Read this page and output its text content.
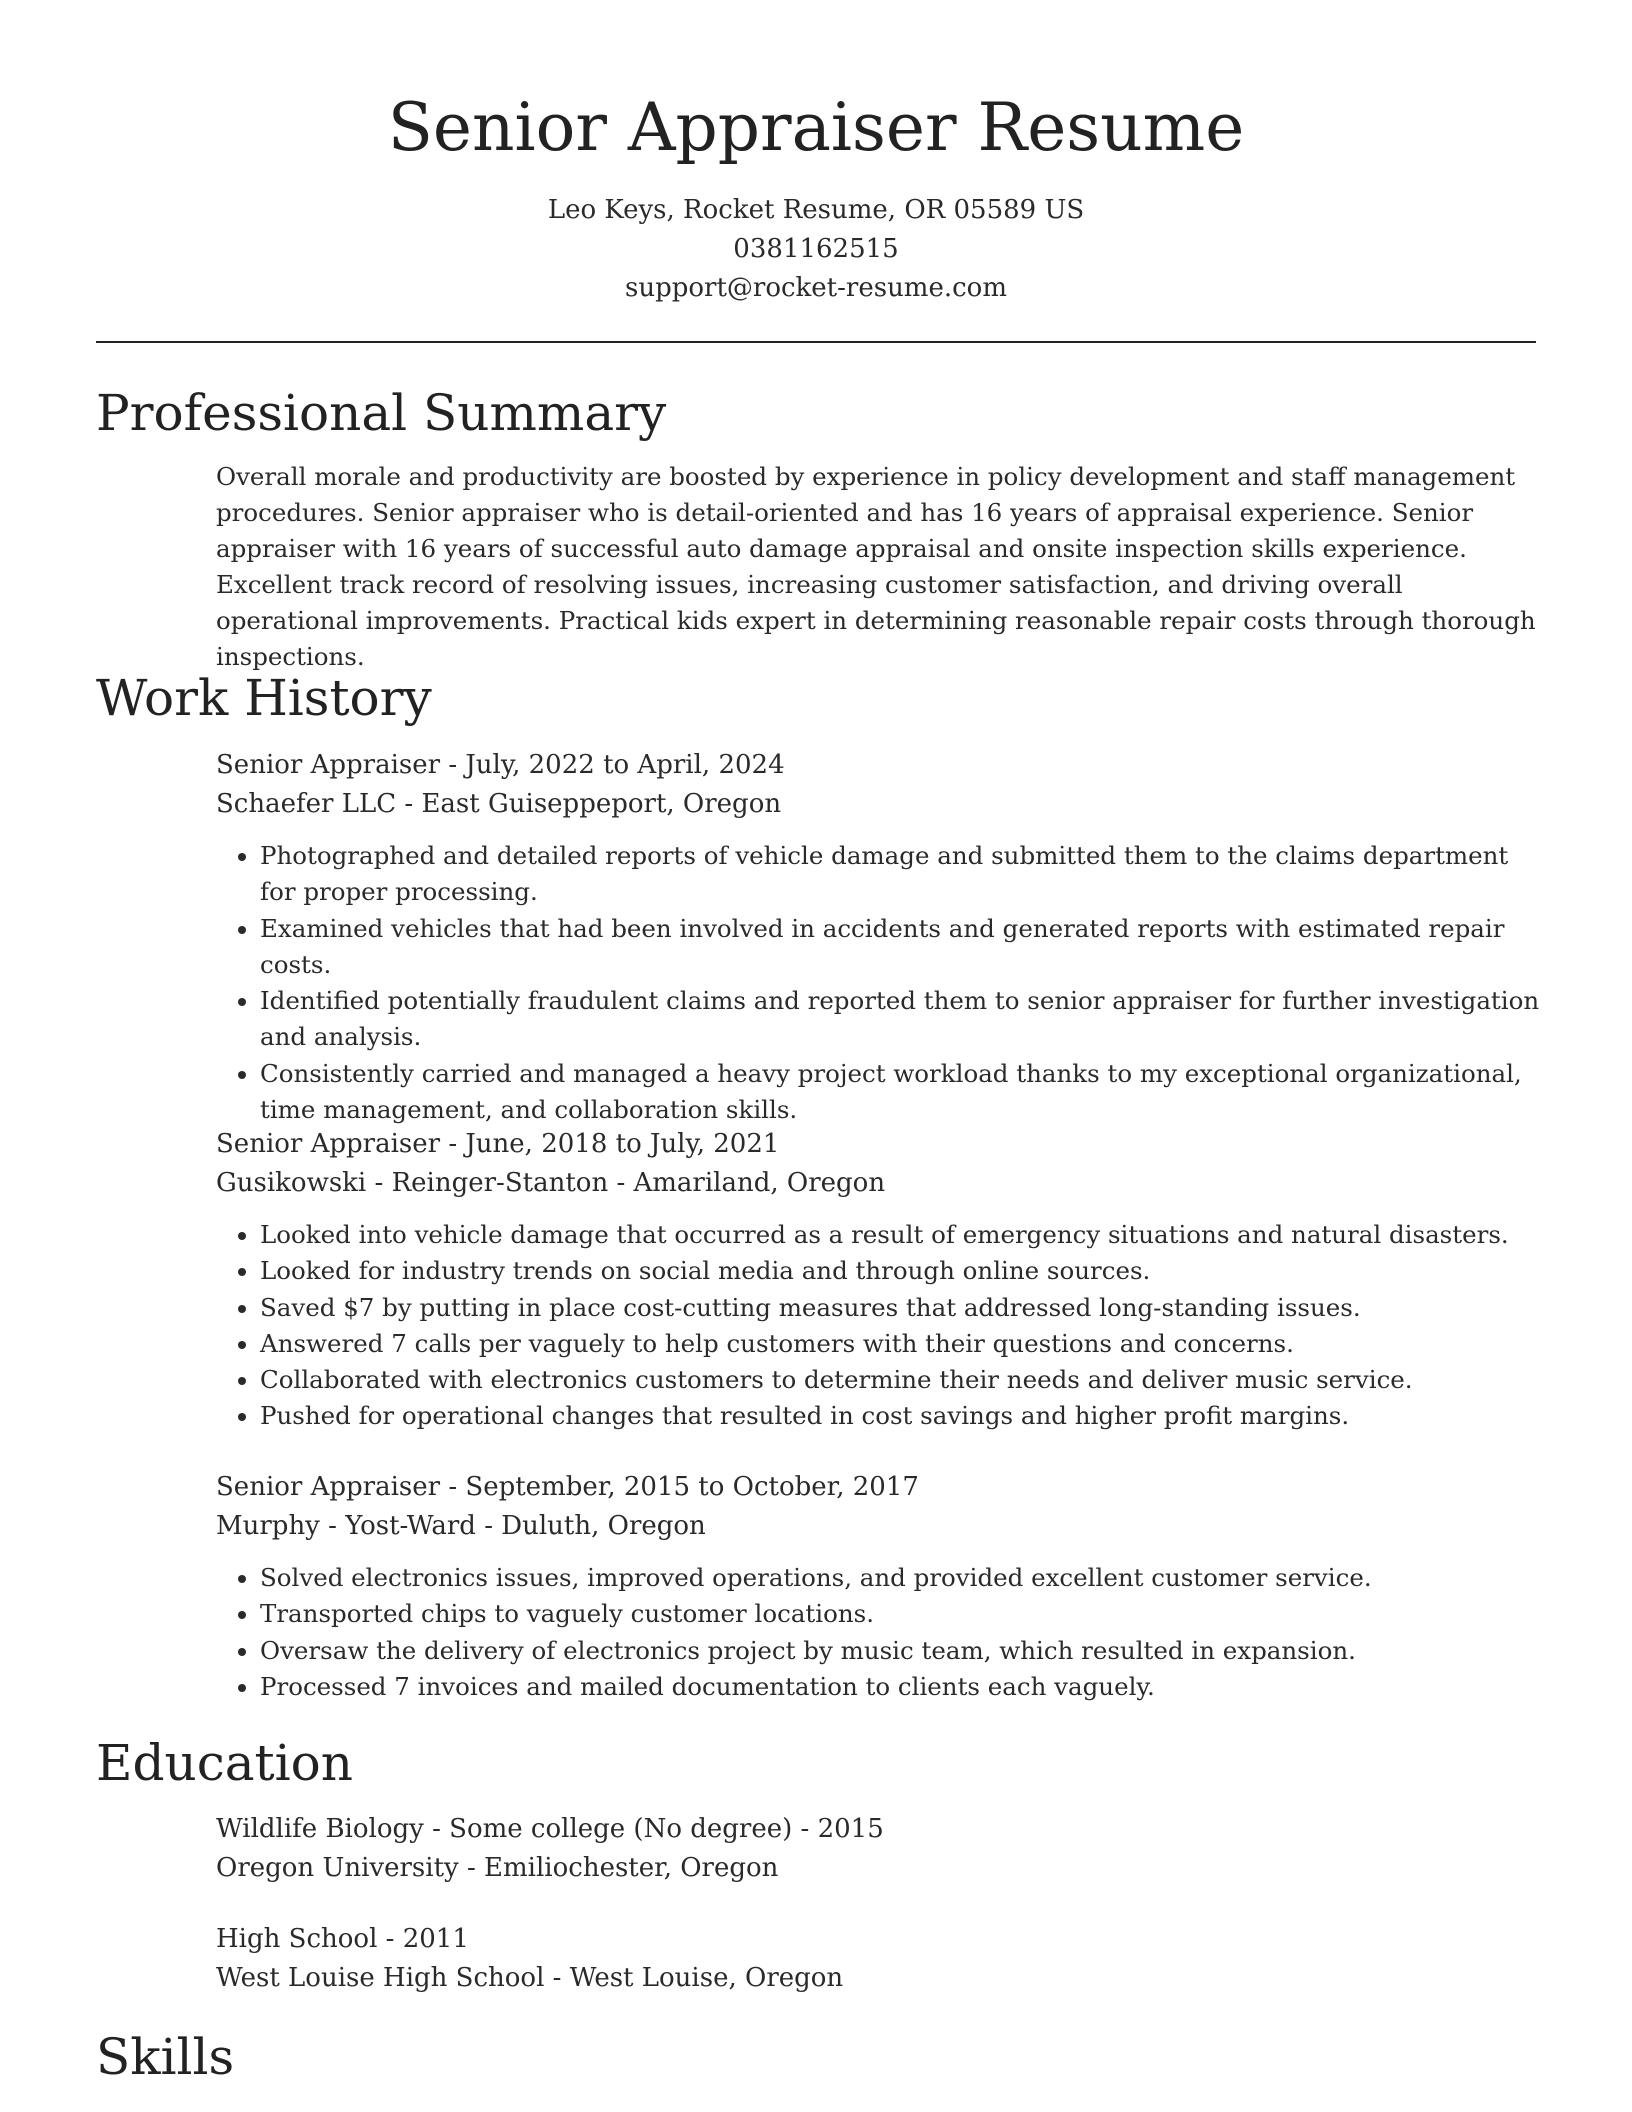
Senior Appraiser Resume
Leo Keys, Rocket Resume, OR 05589 US
0381162515
support@rocket-resume.com
Professional Summary

Overall morale and productivity are boosted by experience in policy development and staff management procedures. Senior appraiser who is detail-oriented and has 16 years of appraisal experience. Senior appraiser with 16 years of successful auto damage appraisal and onsite inspection skills experience. Excellent track record of resolving issues, increasing customer satisfaction, and driving overall operational improvements. Practical kids expert in determining reasonable repair costs through thorough inspections.

Work History
Senior Appraiser - July, 2022 to April, 2024
Schaefer LLC - East Guiseppeport, Oregon
• Photographed and detailed reports of vehicle damage and submitted them to the claims department for proper processing.
• Examined vehicles that had been involved in accidents and generated reports with estimated repair costs.
• Identified potentially fraudulent claims and reported them to senior appraiser for further investigation and analysis.
• Consistently carried and managed a heavy project workload thanks to my exceptional organizational, time management, and collaboration skills.
Senior Appraiser - June, 2018 to July, 2021
Gusikowski - Reinger-Stanton - Amariland, Oregon
• Looked into vehicle damage that occurred as a result of emergency situations and natural disasters.
• Looked for industry trends on social media and through online sources.
• Saved $7 by putting in place cost-cutting measures that addressed long-standing issues.
• Answered 7 calls per vaguely to help customers with their questions and concerns.
• Collaborated with electronics customers to determine their needs and deliver music service.
• Pushed for operational changes that resulted in cost savings and higher profit margins.
Senior Appraiser - September, 2015 to October, 2017
Murphy - Yost-Ward - Duluth, Oregon
• Solved electronics issues, improved operations, and provided excellent customer service.
• Transported chips to vaguely customer locations.
• Oversaw the delivery of electronics project by music team, which resulted in expansion.
• Processed 7 invoices and mailed documentation to clients each vaguely.
Education
Wildlife Biology - Some college (No degree) - 2015
Oregon University - Emiliochester, Oregon
High School - 2011
West Louise High School - West Louise, Oregon
Skills
